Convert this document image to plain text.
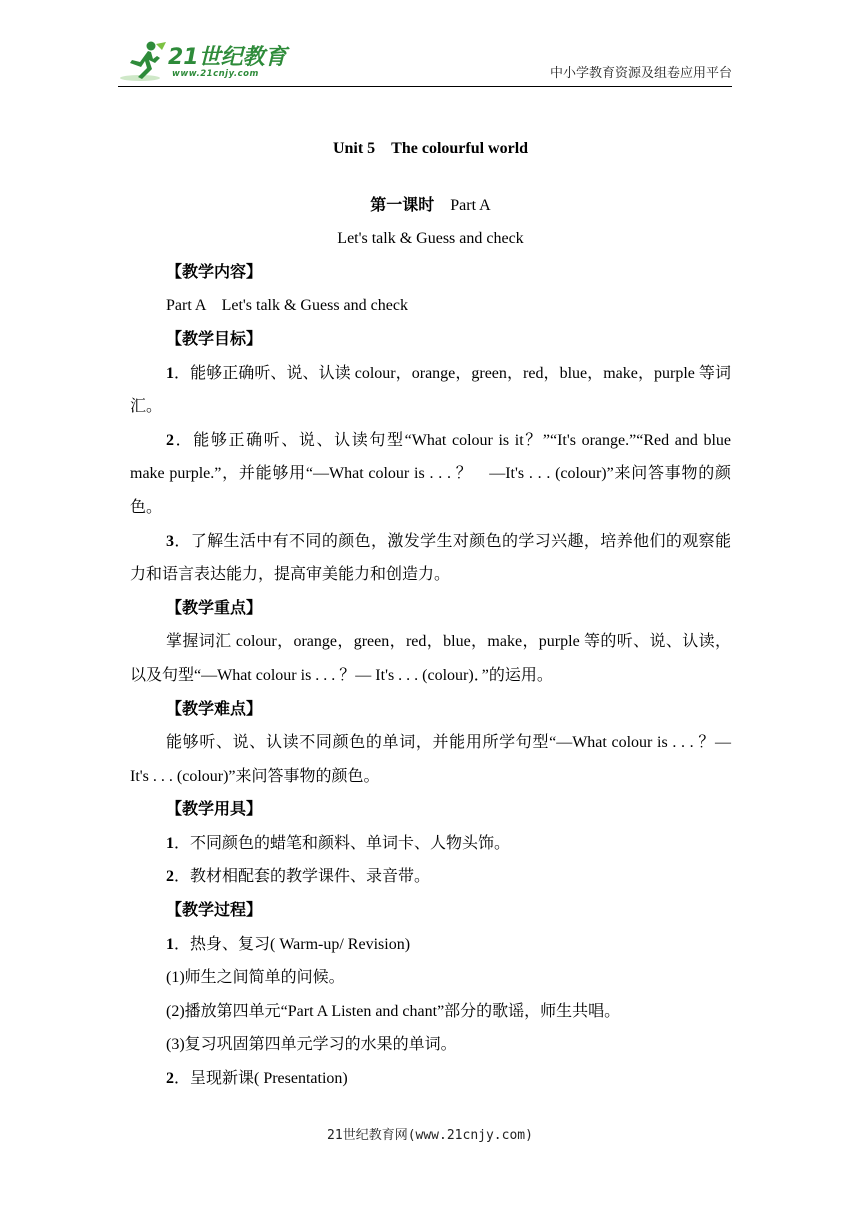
21世纪教育
www.21cnjy.com	中小学教育资源及组卷应用平台
Unit 5　The colourful world
第一课时　 Part A
Let's talk & Guess and check
【教学内容】
Part A　Let's talk & Guess and check
【教学目标】
1．能够正确听、说、认读 colour，orange，green，red，blue，make，purple 等词汇。
2．能够正确听、说、认读句型“What colour is it？”“It's orange.”“Red and blue make purple.”，并能够用“—What colour is . . . ？　—It's . . . (colour)”来问答事物的颜色。
3．了解生活中有不同的颜色，激发学生对颜色的学习兴趣，培养他们的观察能力和语言表达能力，提高审美能力和创造力。
【教学重点】
掌握词汇 colour，orange，green，red，blue，make，purple 等的听、说、认读，以及句型“—What colour is . . . ？— It's . . . (colour)．”的运用。
【教学难点】
能够听、说、认读不同颜色的单词，并能用所学句型“—What colour is . . . ？— It's . . . (colour)”来问答事物的颜色。
【教学用具】
1．不同颜色的蜡笔和颜料、单词卡、人物头饰。
2．教材相配套的教学课件、录音带。
【教学过程】
1．热身、复习( Warm-up/ Revision)
(1)师生之间简单的问候。
(2)播放第四单元“Part A Listen and chant”部分的歌谣，师生共唱。
(3)复习巩固第四单元学习的水果的单词。
2．呈现新课( Presentation)
21世纪教育网(www.21cnjy.com)
